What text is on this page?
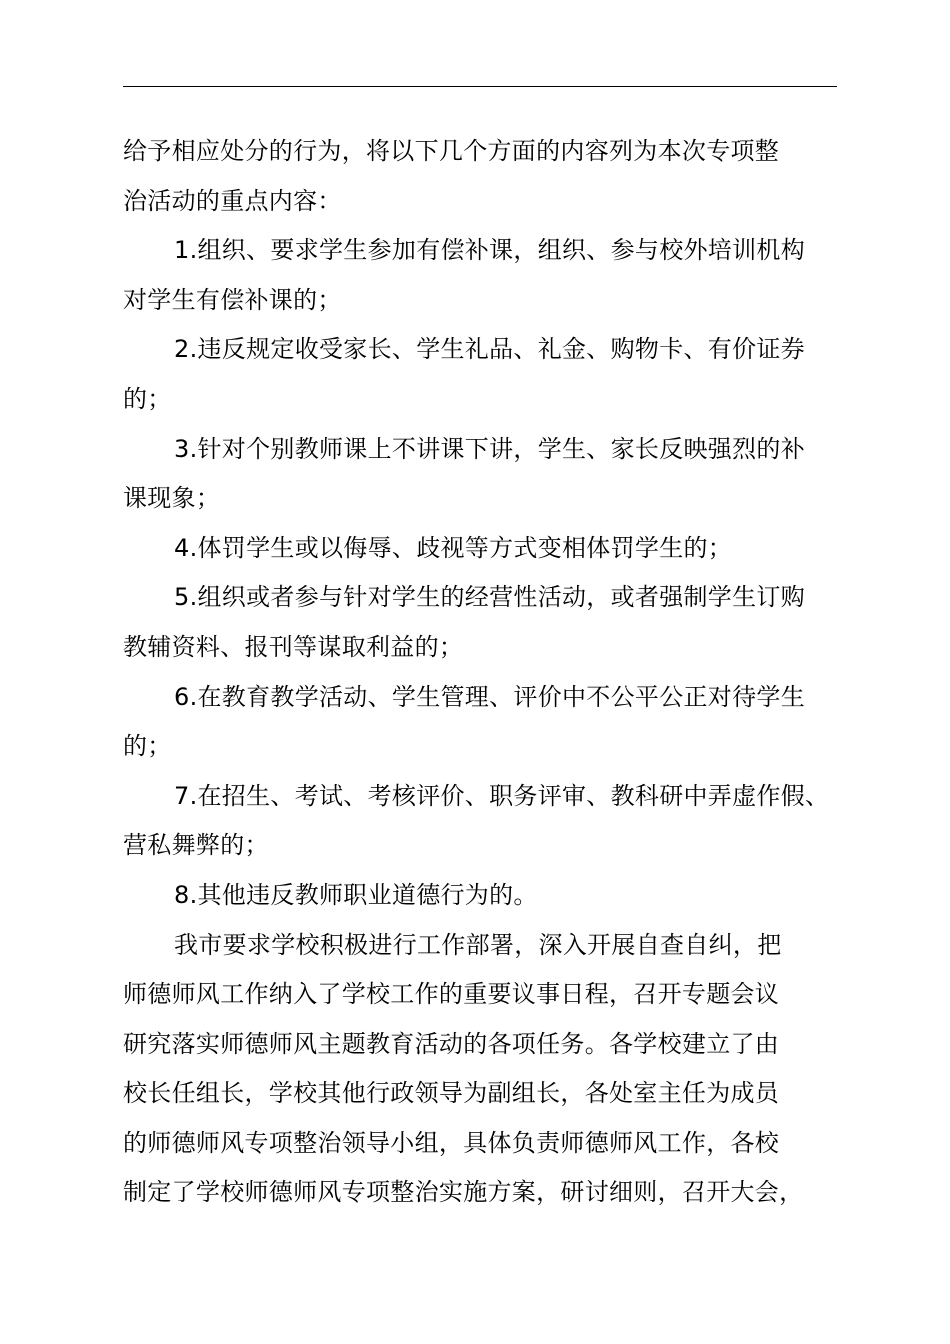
给予相应处分的行为，将以下几个方面的内容列为本次专项整
治活动的重点内容：
1.组织、要求学生参加有偿补课，组织、参与校外培训机构
对学生有偿补课的；
2.违反规定收受家长、学生礼品、礼金、购物卡、有价证券
的；
3.针对个别教师课上不讲课下讲，学生、家长反映强烈的补
课现象；
4.体罚学生或以侮辱、歧视等方式变相体罚学生的；
5.组织或者参与针对学生的经营性活动，或者强制学生订购
教辅资料、报刊等谋取利益的；
6.在教育教学活动、学生管理、评价中不公平公正对待学生
的；
7.在招生、考试、考核评价、职务评审、教科研中弄虚作假、
营私舞弊的；
8.其他违反教师职业道德行为的。
我市要求学校积极进行工作部署，深入开展自查自纠，把
师德师风工作纳入了学校工作的重要议事日程，召开专题会议
研究落实师德师风主题教育活动的各项任务。各学校建立了由
校长任组长，学校其他行政领导为副组长，各处室主任为成员
的师德师风专项整治领导小组，具体负责师德师风工作，各校
制定了学校师德师风专项整治实施方案，研讨细则，召开大会，
